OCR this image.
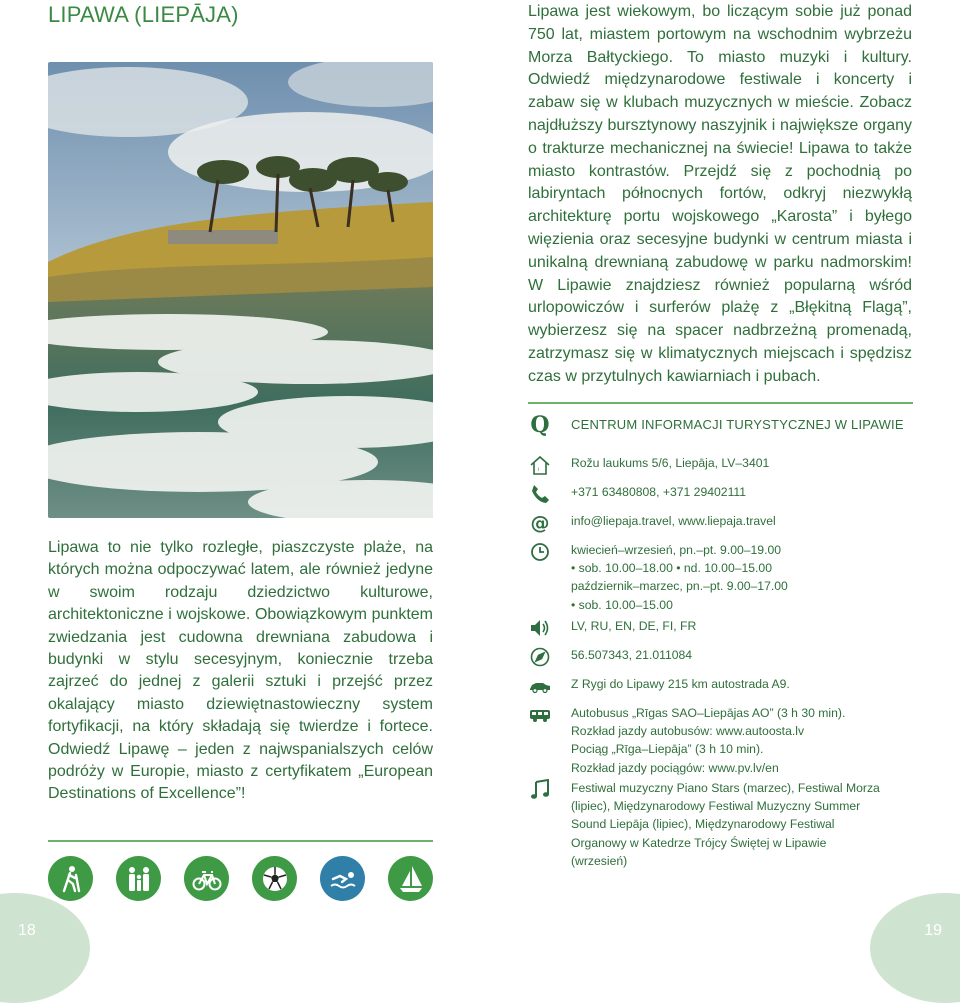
LIPAWA (LIEPĀJA)

Lipawa to nie tylko rozległe, piaszczyste plaże, na których można odpoczywać latem, ale również jedyne w swoim rodzaju dziedzictwo kulturowe, architektoniczne i wojskowe. Obowiązkowym punktem zwiedzania jest cudowna drewniana zabudowa i budynki w stylu secesyjnym, koniecznie trzeba zajrzeć do jednej z galerii sztuki i przejść przez okalający miasto dziewiętnastowieczny system fortyfikacji, na który składają się twierdze i fortece. Odwiedź Lipawę – jeden z najwspanialszych celów podróży w Europie, miasto z certyfikatem „European Destinations of Excellence”!

Lipawa jest wiekowym, bo liczącym sobie już ponad 750 lat, miastem portowym na wschodnim wybrzeżu Morza Bałtyckiego. To miasto muzyki i kultury. Odwiedź międzynarodowe festiwale i koncerty i zabaw się w klubach muzycznych w mieście. Zobacz najdłuższy bursztynowy naszyjnik i największe organy o trakturze mechanicznej na świecie! Lipawa to także miasto kontrastów. Przejdź się z pochodnią po labiryntach północnych fortów, odkryj niezwykłą architekturę portu wojskowego „Karosta” i byłego więzienia oraz secesyjne budynki w centrum miasta i unikalną drewnianą zabudowę w parku nadmorskim! W Lipawie znajdziesz również popularną wśród urlopowiczów i surferów plażę z „Błękitną Flagą”, wybierzesz się na spacer nadbrzeżną promenadą, zatrzymasz się w klimatycznych miejscach i spędzisz czas w przytulnych kawiarniach i pubach.

Q CENTRUM INFORMACJI TURYSTYCZNEJ W LIPAWIE
i	Rožu laukums 5/6, Liepāja, LV–3401
+371 63480808, +371 29402111
@ info@liepaja.travel, www.liepaja.travel
kwiecień–wrzesień, pn.–pt. 9.00–19.00
• sob. 10.00–18.00 • nd. 10.00–15.00
październik–marzec, pn.–pt. 9.00–17.00
• sob. 10.00–15.00
LV, RU, EN, DE, FI, FR
56.507343, 21.011084
Z Rygi do Lipawy 215 km autostrada A9.
Autobusus „Rīgas SAO–Liepājas AO” (3 h 30 min).
Rozkład jazdy autobusów: www.autoosta.lv
Pociąg „Rīga–Liepāja” (3 h 10 min).
Rozkład jazdy pociągów: www.pv.lv/en
Festiwal muzyczny Piano Stars (marzec), Festiwal Morza
(lipiec), Międzynarodowy Festiwal Muzyczny Summer
Sound Liepāja (lipiec), Międzynarodowy Festiwal
Organowy w Katedrze Trójcy Świętej w Lipawie
(wrzesień)
18	19
